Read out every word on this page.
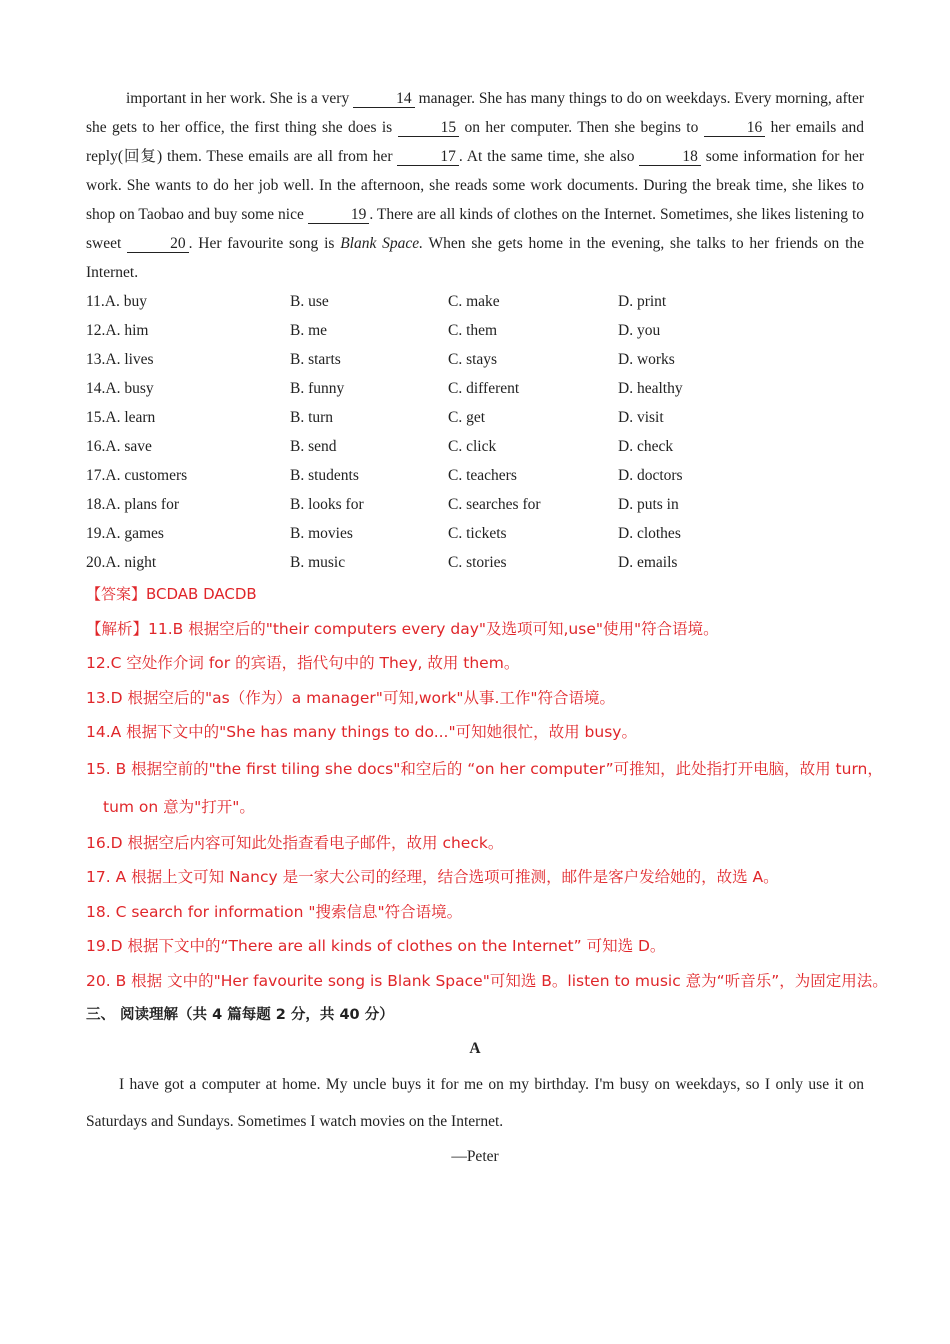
important in her work. She is a very	14 manager. She has many things to do on weekdays. Every morning, after she gets to her office, the first thing she does is	15 on her computer. Then she begins to	16 her emails and reply(回复) them. These emails are all from her	17 . At the same time, she also	18 some information for her work. She wants to do her job well. In the afternoon, she reads some work documents. During the break time, she likes to shop on Taobao and buy some nice	19 . There are all kinds of clothes on the Internet. Sometimes, she likes listening to sweet	20 . Her favourite song is Blank Space. When she gets home in the evening, she talks to her friends on the Internet.

11.A. buy	B. use	C. make	D. print
12.A. him	B. me	C. them	D. you
13.A. lives	B. starts	C. stays	D. works
14.A. busy	B. funny	C. different	D. healthy
15.A. learn	B. turn	C. get	D. visit
16.A. save	B. send	C. click	D. check
17.A. customers	B. students	C. teachers	D. doctors
18.A. plans for	B. looks for	C. searches for	D. puts in
19.A. games	B. movies	C. tickets	D. clothes
20.A. night	B. music	C. stories	D. emails
【答案】BCDAB DACDB
【解析】11.B 根据空后的"their computers every day"及选项可知,use"使用"符合语境。
12.C 空处作介词 for 的宾语，指代句中的 They, 故用 them。
13.D 根据空后的"as（作为）a manager"可知,work"从事.工作"符合语境。
14.A 根据下文中的"She has many things to do..."可知她很忙，故用 busy。
15. B 根据空前的"the first tiling she docs"和空后的 “on her computer”可推知，此处指打开电脑，故用 turn，
tum on 意为"打开"。
16.D 根据空后内容可知此处指查看电子邮件，故用 check。
17. A 根据上文可知 Nancy 是一家大公司的经理，结合选项可推测，邮件是客户发给她的，故选 A。
18. C search for information "搜索信息"符合语境。
19.D 根据下文中的“There are all kinds of clothes on the Internet” 可知选 D。
20. B 根据 文中的"Her favourite song is Blank Space"可知选 B。listen to music 意为“听音乐”，为固定用法。
三、 阅读理解（共 4 篇每题 2 分，共 40 分）
A

I have got a computer at home. My uncle buys it for me on my birthday. I'm busy on weekdays, so I only use it on Saturdays and Sundays. Sometimes I watch movies on the Internet.

—Peter
